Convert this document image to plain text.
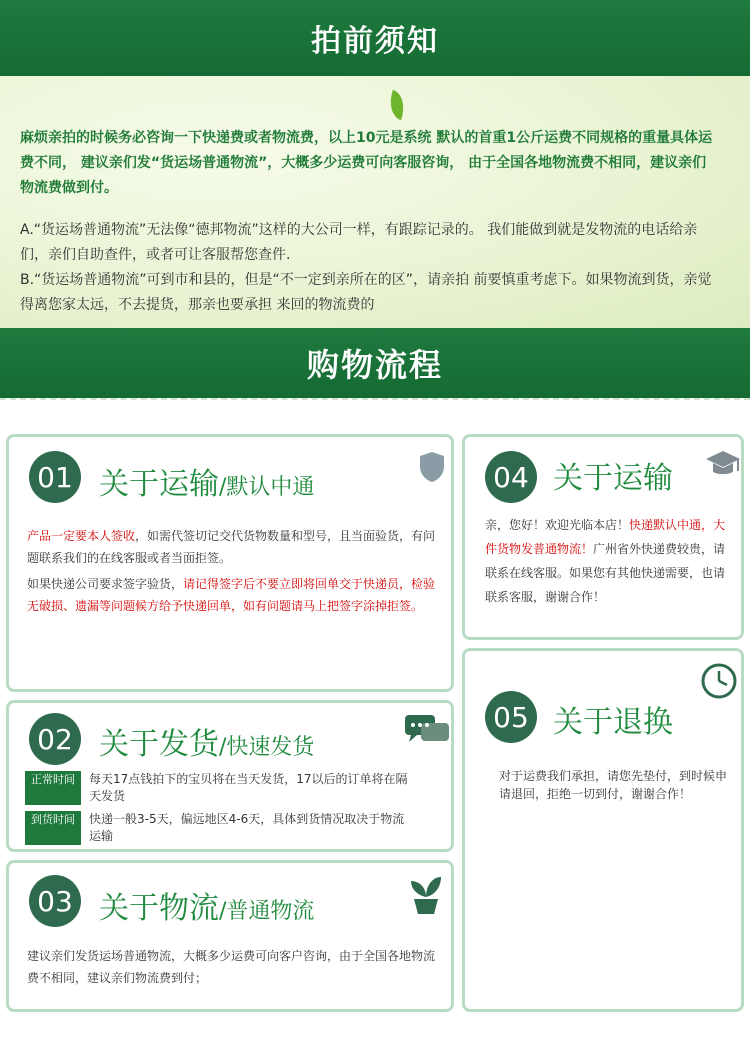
拍前须知

麻烦亲拍的时候务必咨询一下快递费或者物流费，以上10元是系统 默认的首重1公斤运费不同规格的重量具体运费不同， 建议亲们发“货运场普通物流”，大概多少运费可向客服咨询， 由于全国各地物流费不相同，建议亲们物流费做到付。

A.“货运场普通物流”无法像“德邦物流”这样的大公司一样，有跟踪记录的。 我们能做到就是发物流的电话给亲们，亲们自助查件，或者可让客服帮您查件.
B.“货运场普通物流”可到市和县的，但是“不一定到亲所在的区”，请亲拍 前要慎重考虑下。如果物流到货，亲觉得离您家太远，不去提货，那亲也要承担 来回的物流费的
购物流程
01 关于运输/默认中通

产品一定要本人签收，如需代签切记交代货物数量和型号，且当面验货，有问题联系我们的在线客服或者当面拒签。

如果快递公司要求签字验货，请记得签字后不要立即将回单交于快递员，检验无破损、遗漏等问题候方给予快递回单，如有问题请马上把签字涂掉拒签。

02 关于发货/快速发货
正常时间	每天17点钱拍下的宝贝将在当天发货，17以后的订单将在隔天发货
到货时间	快递一般3-5天，偏远地区4-6天，具体到货情况取决于物流运输
03 关于物流/普通物流

建议亲们发货运场普通物流，大概多少运费可向客户咨询，由于全国各地物流费不相同，建议亲们物流费到付；

04 关于运输
亲，您好！欢迎光临本店！快递默认中通，大件货物发普通物流！广州省外快递费较贵，请联系在线客服。如果您有其他快递需要，也请联系客服，谢谢合作！
05 关于退换

对于运费我们承担，请您先垫付，到时候申请退回，拒绝一切到付，谢谢合作！
